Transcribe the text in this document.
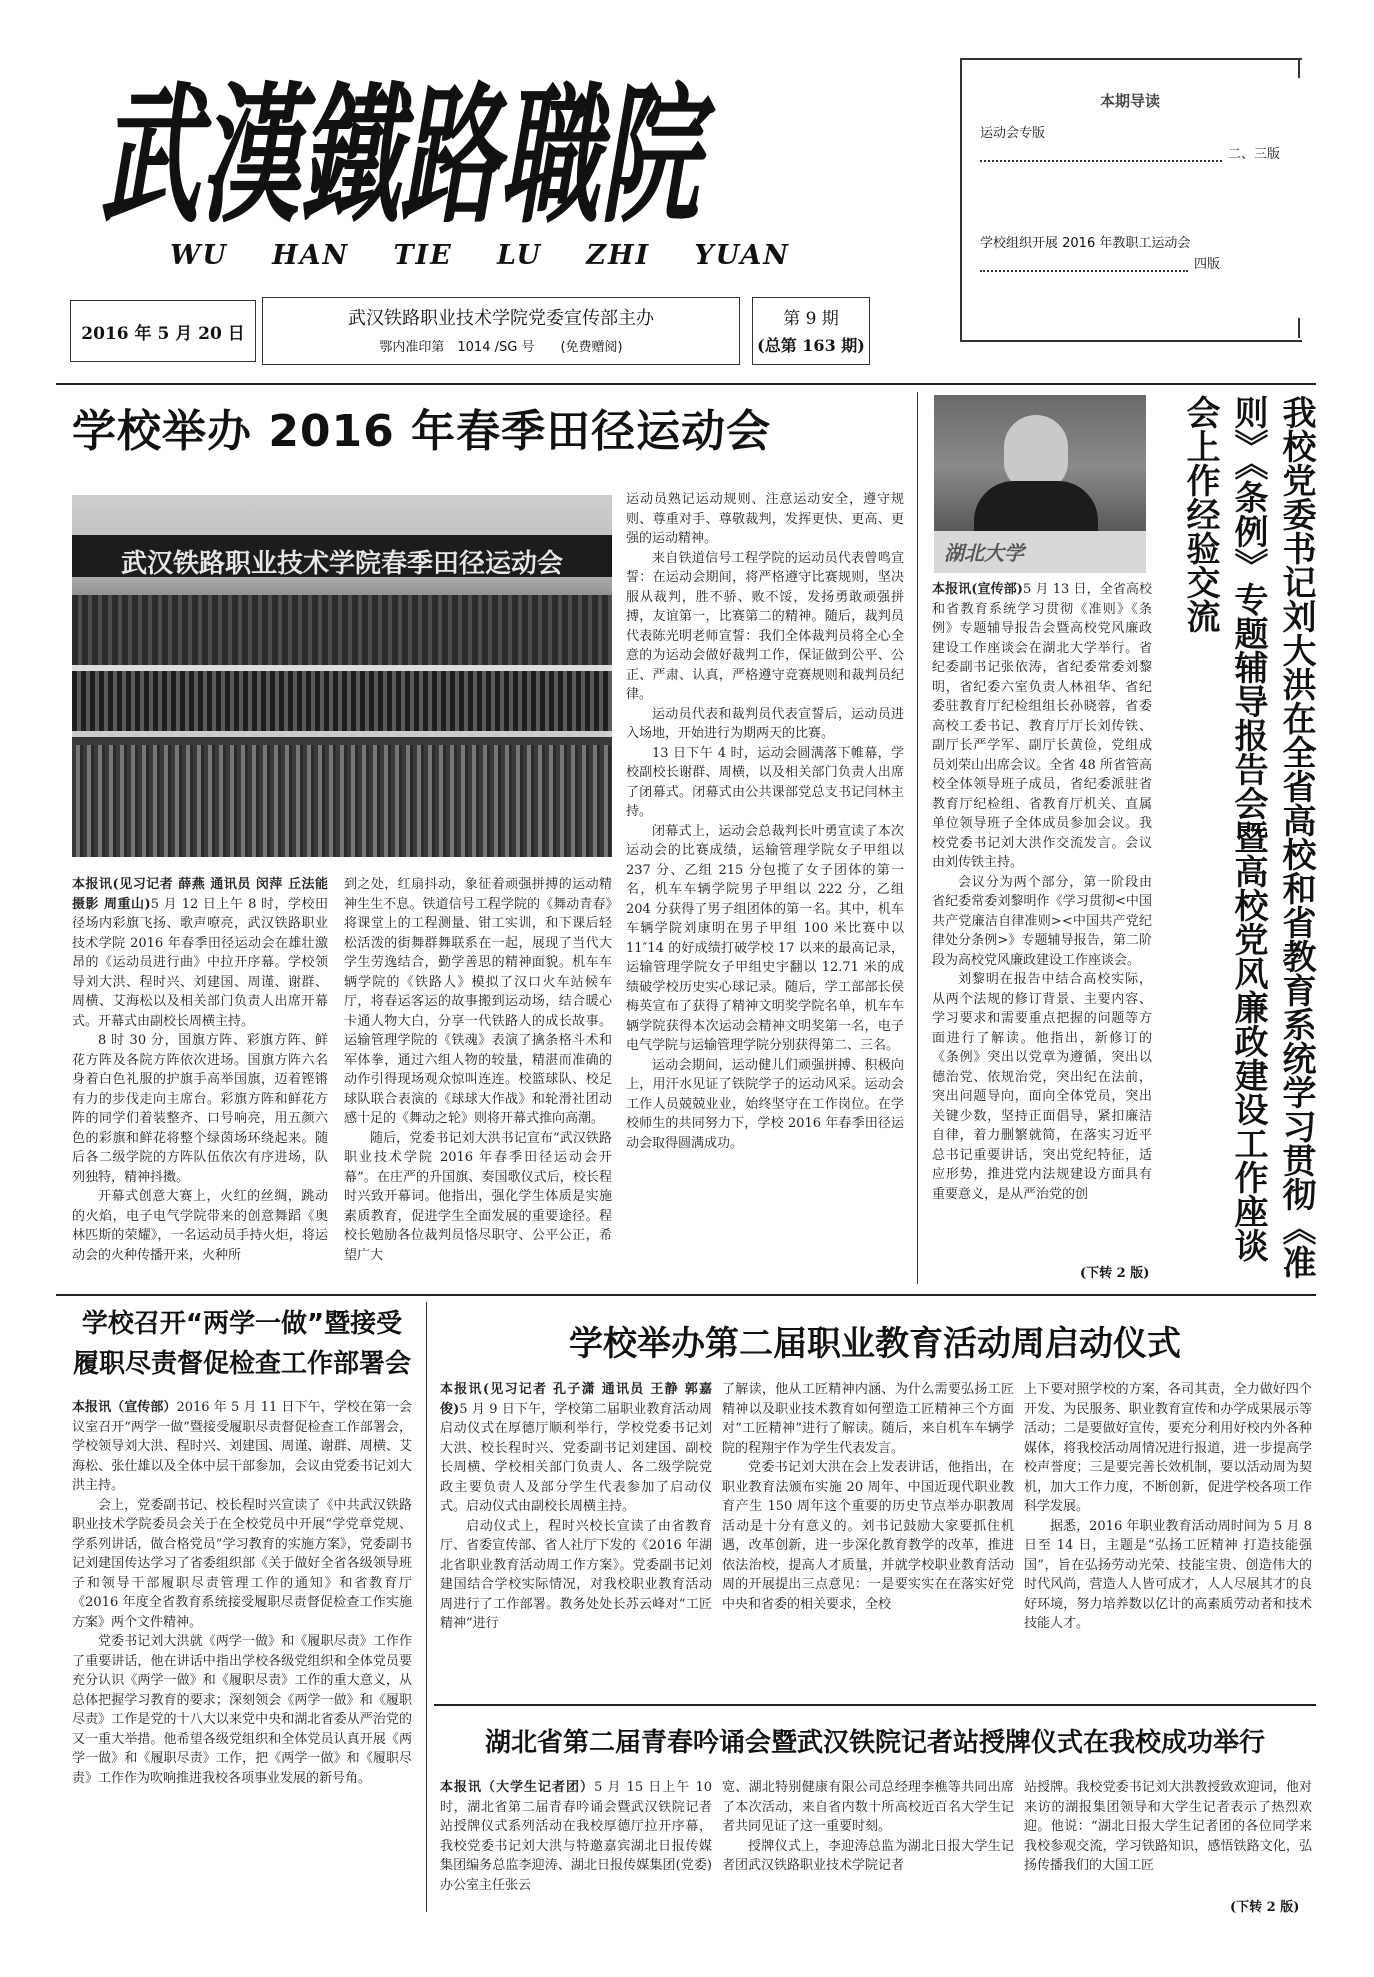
武漢鐵路職院
WU HAN TIE LU ZHI YUAN
2016 年 5 月 20 日
武汉铁路职业技术学院党委宣传部主办
鄂内准印第　1014 /SG 号　　(免费赠阅)
第 9 期
(总第 163 期)
本期导读
运动会专版
二、三版
学校组织开展 2016 年教职工运动会
四版
学校举办 2016 年春季田径运动会
武汉铁路职业技术学院春季田径运动会

本报讯(见习记者 薛燕 通讯员 闵萍 丘法能 摄影 周重山)5 月 12 日上午 8 时，学校田径场内彩旗飞扬、歌声嘹亮，武汉铁路职业技术学院 2016 年春季田径运动会在雄壮激昂的《运动员进行曲》中拉开序幕。学校领导刘大洪、程时兴、刘建国、周谨、谢群、周横、艾海松以及相关部门负责人出席开幕式。开幕式由副校长周横主持。

8 时 30 分，国旗方阵、彩旗方阵、鲜花方阵及各院方阵依次进场。国旗方阵六名身着白色礼服的护旗手高举国旗，迈着铿锵有力的步伐走向主席台。彩旗方阵和鲜花方阵的同学们着装整齐、口号响亮，用五颜六色的彩旗和鲜花将整个绿茵场环绕起来。随后各二级学院的方阵队伍依次有序进场，队列独特，精神抖擞。

开幕式创意大赛上，火红的丝绸，跳动的火焰，电子电气学院带来的创意舞蹈《奥林匹斯的荣耀》，一名运动员手持火炬，将运动会的火种传播开来，火种所

到之处，红扇抖动，象征着顽强拼搏的运动精神生生不息。铁道信号工程学院的《舞动青春》将课堂上的工程测量、钳工实训，和下课后轻松活泼的街舞群舞联系在一起，展现了当代大学生劳逸结合，勤学善思的精神面貌。机车车辆学院的《铁路人》模拟了汉口火车站候车厅，将春运客运的故事搬到运动场，结合暖心卡通人物大白，分享一代铁路人的成长故事。运输管理学院的《铁魂》表演了擒条格斗术和军体拳，通过六组人物的较量，精湛而准确的动作引得现场观众惊叫连连。校篮球队、校足球队联合表演的《球球大作战》和轮滑社团动感十足的《舞动之轮》则将开幕式推向高潮。

随后，党委书记刘大洪书记宣布“武汉铁路职业技术学院 2016 年春季田径运动会开幕”。在庄严的升国旗、奏国歌仪式后，校长程时兴致开幕词。他指出，强化学生体质是实施素质教育，促进学生全面发展的重要途径。程校长勉励各位裁判员恪尽职守、公平公正，希望广大

运动员熟记运动规则、注意运动安全，遵守规则、尊重对手、尊敬裁判，发挥更快、更高、更强的运动精神。

来自铁道信号工程学院的运动员代表曾鸣宣誓：在运动会期间，将严格遵守比赛规则，坚决服从裁判，胜不骄、败不馁，发扬勇敢顽强拼搏，友谊第一，比赛第二的精神。随后，裁判员代表陈光明老师宣誓：我们全体裁判员将全心全意的为运动会做好裁判工作，保证做到公平、公正、严肃、认真，严格遵守竞赛规则和裁判员纪律。

运动员代表和裁判员代表宣誓后，运动员进入场地，开始进行为期两天的比赛。

13 日下午 4 时，运动会圆满落下帷幕，学校副校长谢群、周横，以及相关部门负责人出席了闭幕式。闭幕式由公共课部党总支书记闫林主持。

闭幕式上，运动会总裁判长叶勇宣读了本次运动会的比赛成绩，运输管理学院女子甲组以 237 分、乙组 215 分包揽了女子团体的第一名，机车车辆学院男子甲组以 222 分，乙组 204 分获得了男子组团体的第一名。其中，机车车辆学院刘康明在男子甲组 100 米比赛中以 11″14 的好成绩打破学校 17 以来的最高记录，运输管理学院女子甲组史宇翻以 12.71 米的成绩破学校历史实心球记录。随后，学工部部长侯梅英宣布了获得了精神文明奖学院名单，机车车辆学院获得本次运动会精神文明奖第一名，电子电气学院与运输管理学院分别获得第二、三名。

运动会期间，运动健儿们顽强拼搏、积极向上，用汗水见证了铁院学子的运动风采。运动会工作人员兢兢业业，始终坚守在工作岗位。在学校师生的共同努力下，学校 2016 年春季田径运动会取得圆满成功。

湖北大学	我校党委书记刘大洪在全省高校和省教育系统学习贯彻《准则》《条例》专题辅导报告会暨高校党风廉政建设工作座谈会上作经验交流

本报讯(宣传部)5 月 13 日，全省高校和省教育系统学习贯彻《准则》《条例》专题辅导报告会暨高校党风廉政建设工作座谈会在湖北大学举行。省纪委副书记张依涛，省纪委常委刘黎明，省纪委六室负责人林祖华、省纪委驻教育厅纪检组组长孙晓蓉，省委高校工委书记、教育厅厅长刘传铁、副厅长严学军、副厅长黄俭，党组成员刘荣山出席会议。全省 48 所省管高校全体领导班子成员，省纪委派驻省教育厅纪检组、省教育厅机关、直属单位领导班子全体成员参加会议。我校党委书记刘大洪作交流发言。会议由刘传铁主持。

会议分为两个部分，第一阶段由省纪委常委刘黎明作《学习贯彻<中国共产党廉洁自律准则><中国共产党纪律处分条例>》专题辅导报告，第二阶段为高校党风廉政建设工作座谈会。

刘黎明在报告中结合高校实际，从两个法规的修订背景、主要内容、学习要求和需要重点把握的问题等方面进行了解读。他指出，新修订的《条例》突出以党章为遵循，突出以德治党、依规治党，突出纪在法前，突出问题导向，面向全体党员，突出关键少数，坚持正面倡导，紧扣廉洁自律，着力删繁就简，在落实习近平总书记重要讲话，突出党纪特征，适应形势，推进党内法规建设方面具有重要意义，是从严治党的创

(下转 2 版)
学校召开“两学一做”暨接受
履职尽责督促检查工作部署会

本报讯（宣传部）2016 年 5 月 11 日下午，学校在第一会议室召开“两学一做”暨接受履职尽责督促检查工作部署会，学校领导刘大洪、程时兴、刘建国、周谨、谢群、周横、艾海松、张仕雄以及全体中层干部参加，会议由党委书记刘大洪主持。

会上，党委副书记、校长程时兴宣读了《中共武汉铁路职业技术学院委员会关于在全校党员中开展“学党章党规、学系列讲话，做合格党员”学习教育的实施方案》，党委副书记刘建国传达学习了省委组织部《关于做好全省各级领导班子和领导干部履职尽责管理工作的通知》和省教育厅《2016 年度全省教育系统接受履职尽责督促检查工作实施方案》两个文件精神。

党委书记刘大洪就《两学一做》和《履职尽责》工作作了重要讲话，他在讲话中指出学校各级党组织和全体党员要充分认识《两学一做》和《履职尽责》工作的重大意义，从总体把握学习教育的要求；深刻领会《两学一做》和《履职尽责》工作是党的十八大以来党中央和湖北省委从严治党的又一重大举措。他希望各级党组织和全体党员认真开展《两学一做》和《履职尽责》工作，把《两学一做》和《履职尽责》工作作为吹响推进我校各项事业发展的新号角。

学校举办第二届职业教育活动周启动仪式

本报讯(见习记者 孔子潇 通讯员 王静 郭嘉俊)5 月 9 日下午，学校第二届职业教育活动周启动仪式在厚德厅顺利举行，学校党委书记刘大洪、校长程时兴、党委副书记刘建国、副校长周横、学校相关部门负责人、各二级学院党政主要负责人及部分学生代表参加了启动仪式。启动仪式由副校长周横主持。

启动仪式上，程时兴校长宣读了由省教育厅、省委宣传部、省人社厅下发的《2016 年湖北省职业教育活动周工作方案》。党委副书记刘建国结合学校实际情况，对我校职业教育活动周进行了工作部署。教务处处长苏云峰对“工匠精神”进行

了解读，他从工匠精神内涵、为什么需要弘扬工匠精神以及职业技术教育如何塑造工匠精神三个方面对“工匠精神”进行了解读。随后，来自机车车辆学院的程翔宇作为学生代表发言。

党委书记刘大洪在会上发表讲话，他指出，在职业教育法颁布实施 20 周年、中国近现代职业教育产生 150 周年这个重要的历史节点举办职教周活动是十分有意义的。刘书记鼓励大家要抓住机遇，改革创新，进一步深化教育教学的改革，推进依法治校，提高人才质量，并就学校职业教育活动周的开展提出三点意见：一是要实实在在落实好党中央和省委的相关要求，全校

上下要对照学校的方案，各司其责，全力做好四个开发、为民服务、职业教育宣传和办学成果展示等活动；二是要做好宣传，要充分利用好校内外各种媒体，将我校活动周情况进行报道，进一步提高学校声誉度；三是要完善长效机制，要以活动周为契机，加大工作力度，不断创新，促进学校各项工作科学发展。

据悉，2016 年职业教育活动周时间为 5 月 8 日至 14 日，主题是“弘扬工匠精神 打造技能强国”，旨在弘扬劳动光荣、技能宝贵、创造伟大的时代风尚，营造人人皆可成才，人人尽展其才的良好环境，努力培养数以亿计的高素质劳动者和技术技能人才。

湖北省第二届青春吟诵会暨武汉铁院记者站授牌仪式在我校成功举行

本报讯（大学生记者团）5 月 15 日上午 10 时，湖北省第二届青春吟诵会暨武汉铁院记者站授牌仪式系列活动在我校厚德厅拉开序幕，我校党委书记刘大洪与特邀嘉宾湖北日报传媒集团编务总监李迎涛、湖北日报传媒集团(党委)办公室主任张云

宽、湖北特别健康有限公司总经理李樵等共同出席了本次活动，来自省内数十所高校近百名大学生记者共同见证了这一重要时刻。

授牌仪式上，李迎涛总监为湖北日报大学生记者团武汉铁路职业技术学院记者

站授牌。我校党委书记刘大洪教授致欢迎词，他对来访的湖报集团领导和大学生记者表示了热烈欢迎。他说：“湖北日报大学生记者团的各位同学来我校参观交流，学习铁路知识，感悟铁路文化，弘扬传播我们的大国工匠

(下转 2 版)
